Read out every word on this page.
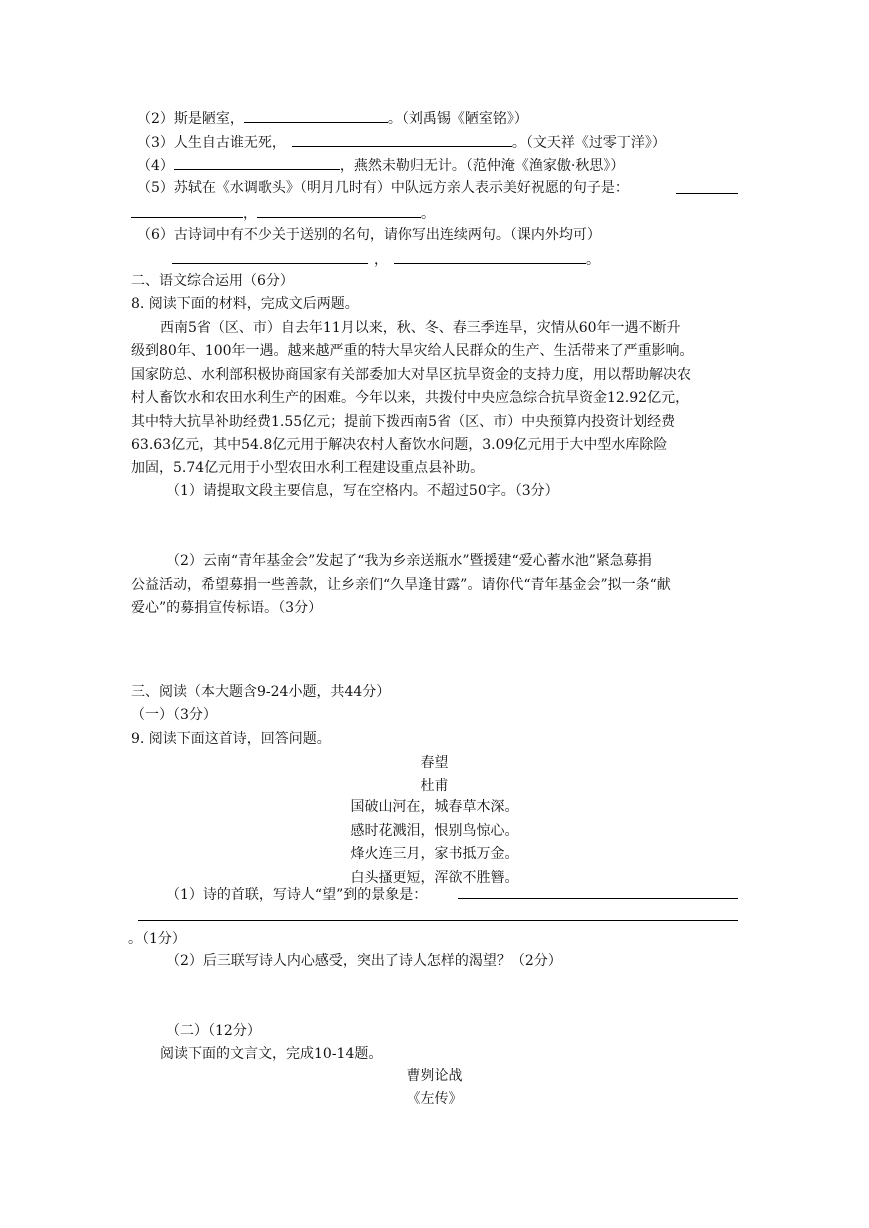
（2）斯是陋室，	。（刘禹锡《陋室铭》）
（3）人生自古谁无死，	。（文天祥《过零丁洋》）
（4）	，燕然未勒归无计。（范仲淹《渔家傲·秋思》）
（5）苏轼在《水调歌头》（明月几时有）中队远方亲人表示美好祝愿的句子是：
，	。
（6）古诗词中有不少关于送别的名句，请你写出连续两句。（课内外均可）
，	。
二、语文综合运用（6分）
8. 阅读下面的材料，完成文后两题。
西南5省（区、市）自去年11月以来，秋、冬、春三季连旱，灾情从60年一遇不断升
级到80年、100年一遇。越来越严重的特大旱灾给人民群众的生产、生活带来了严重影响。
国家防总、水利部积极协商国家有关部委加大对旱区抗旱资金的支持力度，用以帮助解决农
村人畜饮水和农田水利生产的困难。今年以来，共拨付中央应急综合抗旱资金12.92亿元，
其中特大抗旱补助经费1.55亿元；提前下拨西南5省（区、市）中央预算内投资计划经费
63.63亿元，其中54.8亿元用于解决农村人畜饮水问题，3.09亿元用于大中型水库除险
加固，5.74亿元用于小型农田水利工程建设重点县补助。
（1）请提取文段主要信息，写在空格内。不超过50字。（3分）
（2）云南“青年基金会”发起了“我为乡亲送瓶水”暨援建“爱心蓄水池”紧急募捐
公益活动，希望募捐一些善款，让乡亲们“久旱逢甘露”。请你代“青年基金会”拟一条“献
爱心”的募捐宣传标语。（3分）
三、阅读（本大题含9-24小题，共44分）
（一）（3分）
9. 阅读下面这首诗，回答问题。
春望
杜甫
国破山河在，城春草木深。
感时花溅泪，恨别鸟惊心。
烽火连三月，家书抵万金。
白头搔更短，浑欲不胜簪。
（1）诗的首联，写诗人“望”到的景象是：
。（1分）
（2）后三联写诗人内心感受，突出了诗人怎样的渴望？（2分）
（二）（12分）
阅读下面的文言文，完成10-14题。
曹刿论战
《左传》
